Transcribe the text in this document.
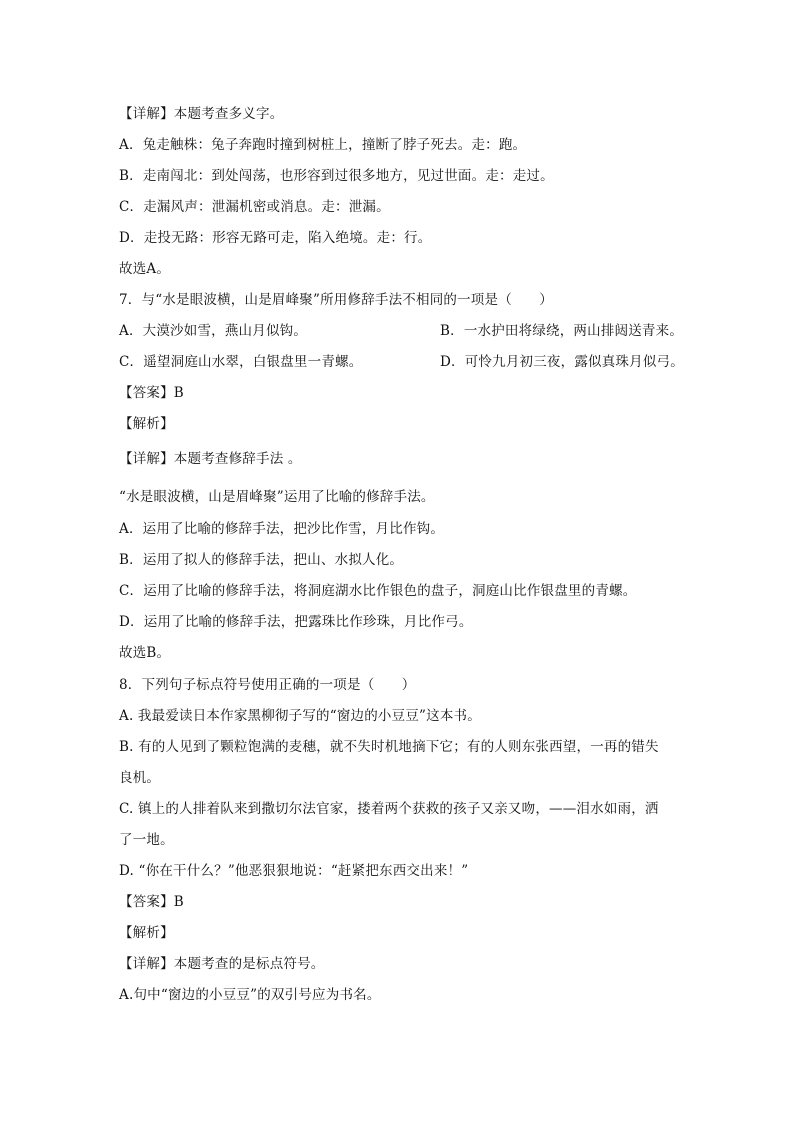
【详解】本题考查多义字。
A．兔走触株：兔子奔跑时撞到树桩上，撞断了脖子死去。走：跑。
B．走南闯北：到处闯荡，也形容到过很多地方，见过世面。走：走过。
C．走漏风声：泄漏机密或消息。走：泄漏。
D．走投无路：形容无路可走，陷入绝境。走：行。
故选A。
7．与“水是眼波横，山是眉峰聚”所用修辞手法不相同的一项是（　　）
A．大漠沙如雪，燕山月似钩。	B．一水护田将绿绕，两山排闼送青来。
C．遥望洞庭山水翠，白银盘里一青螺。	D．可怜九月初三夜，露似真珠月似弓。
【答案】B
【解析】
【详解】本题考查修辞手法 。
“水是眼波横，山是眉峰聚”运用了比喻的修辞手法。
A．运用了比喻的修辞手法，把沙比作雪，月比作钩。
B．运用了拟人的修辞手法，把山、水拟人化。
C．运用了比喻的修辞手法，将洞庭湖水比作银色的盘子，洞庭山比作银盘里的青螺。
D．运用了比喻的修辞手法，把露珠比作珍珠，月比作弓。
故选B。
8．下列句子标点符号使用正确的一项是（　　）
A. 我最爱读日本作家黑柳彻子写的“窗边的小豆豆”这本书。
B. 有的人见到了颗粒饱满的麦穗，就不失时机地摘下它；有的人则东张西望，一再的错失
良机。
C. 镇上的人排着队来到撒切尔法官家，搂着两个获救的孩子又亲又吻，——泪水如雨，洒
了一地。
D. “你在干什么？”他恶狠狠地说：“赶紧把东西交出来！”
【答案】B
【解析】
【详解】本题考查的是标点符号。
A.句中“窗边的小豆豆”的双引号应为书名。
